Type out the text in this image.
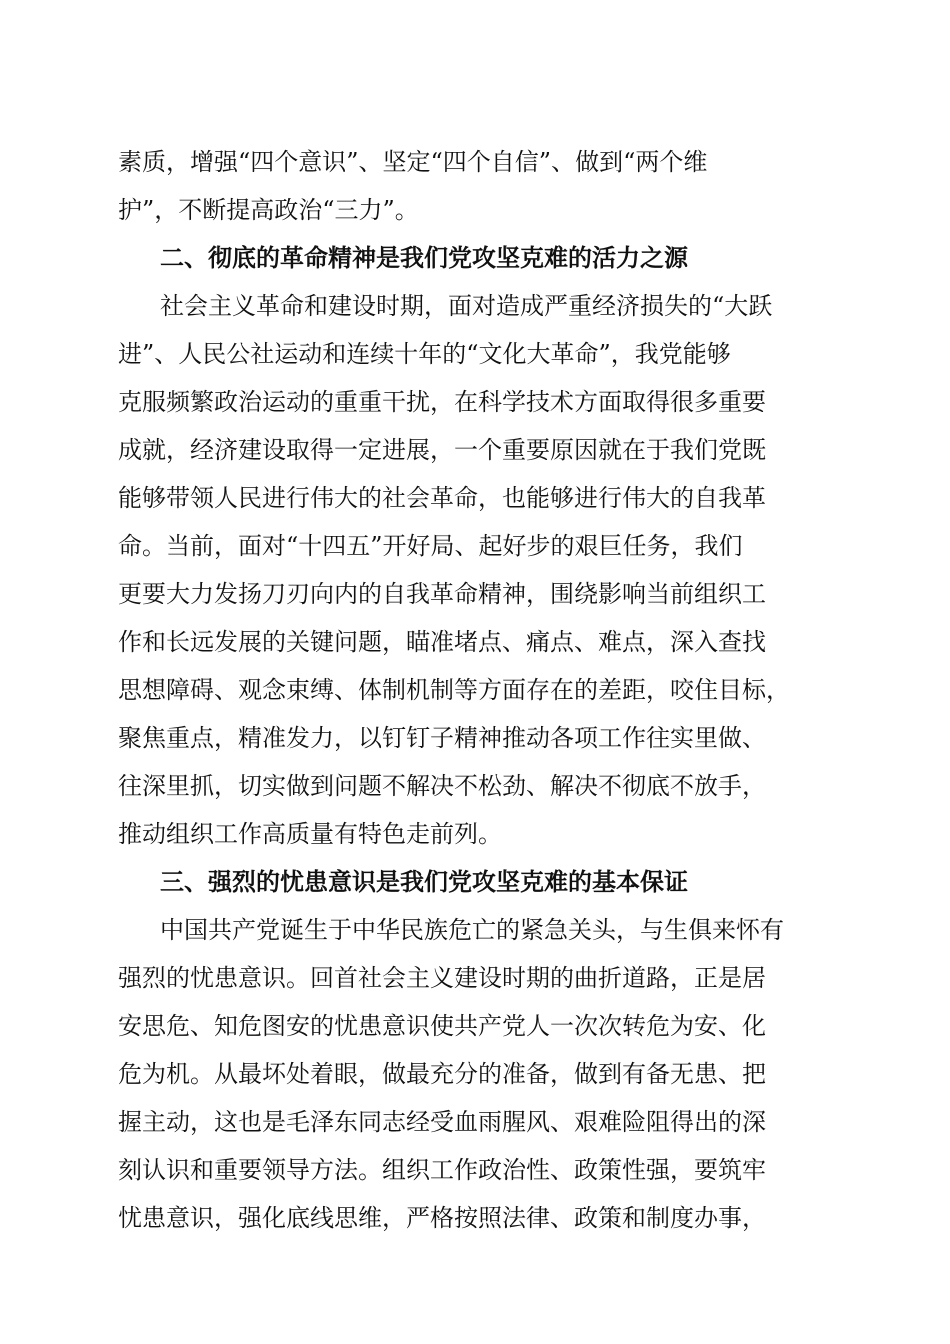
素质，增强“四个意识”、坚定“四个自信”、做到“两个维
护”，不断提高政治“三力”。
二、彻底的革命精神是我们党攻坚克难的活力之源
社会主义革命和建设时期，面对造成严重经济损失的“大跃
进”、人民公社运动和连续十年的“文化大革命”，我党能够
克服频繁政治运动的重重干扰，在科学技术方面取得很多重要
成就，经济建设取得一定进展，一个重要原因就在于我们党既
能够带领人民进行伟大的社会革命，也能够进行伟大的自我革
命。当前，面对“十四五”开好局、起好步的艰巨任务，我们
更要大力发扬刀刃向内的自我革命精神，围绕影响当前组织工
作和长远发展的关键问题，瞄准堵点、痛点、难点，深入查找
思想障碍、观念束缚、体制机制等方面存在的差距，咬住目标，
聚焦重点，精准发力，以钉钉子精神推动各项工作往实里做、
往深里抓，切实做到问题不解决不松劲、解决不彻底不放手，
推动组织工作高质量有特色走前列。
三、强烈的忧患意识是我们党攻坚克难的基本保证
中国共产党诞生于中华民族危亡的紧急关头，与生俱来怀有
强烈的忧患意识。回首社会主义建设时期的曲折道路，正是居
安思危、知危图安的忧患意识使共产党人一次次转危为安、化
危为机。从最坏处着眼，做最充分的准备，做到有备无患、把
握主动，这也是毛泽东同志经受血雨腥风、艰难险阻得出的深
刻认识和重要领导方法。组织工作政治性、政策性强，要筑牢
忧患意识，强化底线思维，严格按照法律、政策和制度办事，
